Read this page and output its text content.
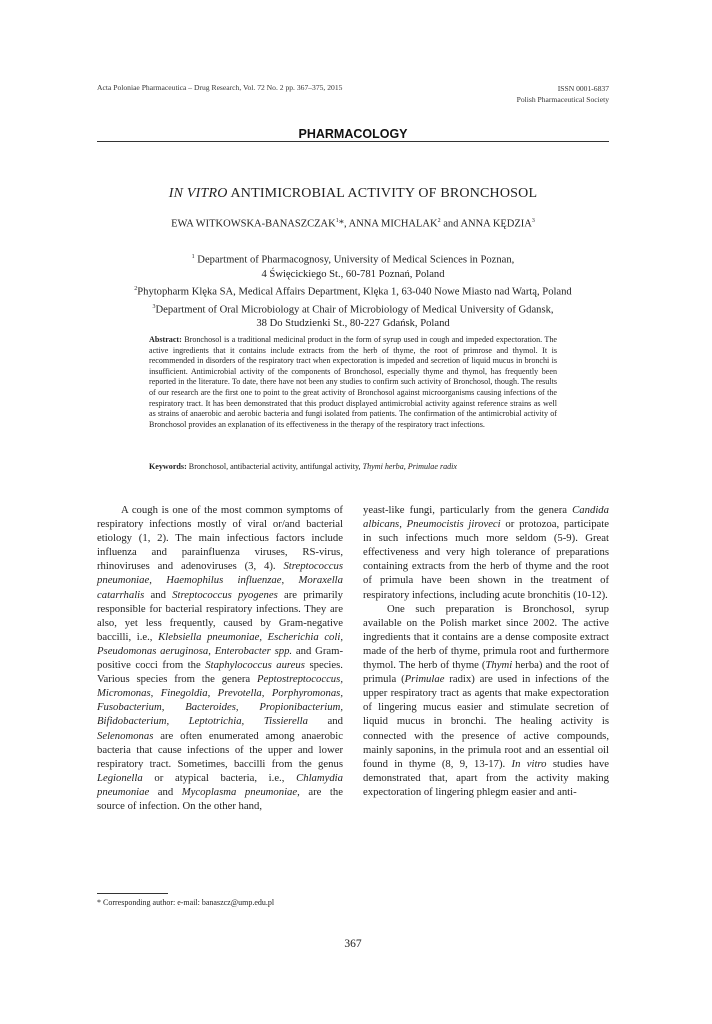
Acta Poloniae Pharmaceutica – Drug Research, Vol. 72 No. 2 pp. 367–375, 2015	ISSN 0001-6837
Polish Pharmaceutical Society
PHARMACOLOGY
IN VITRO ANTIMICROBIAL ACTIVITY OF BRONCHOSOL
EWA WITKOWSKA-BANASZCZAK$^1$*, ANNA MICHALAK$^2$ and ANNA KĘDZIA$^3$
$^1$ Department of Pharmacognosy, University of Medical Sciences in Poznan,
4 Święcickiego St., 60-781 Poznań, Poland
$^2$Phytopharm Klęka SA, Medical Affairs Department, Klęka 1, 63-040 Nowe Miasto nad Wartą, Poland
$^3$Department of Oral Microbiology at Chair of Microbiology of Medical University of Gdansk,
38 Do Studzienki St., 80-227 Gdańsk, Poland
Abstract: Bronchosol is a traditional medicinal product in the form of syrup used in cough and impeded expectoration. The active ingredients that it contains include extracts from the herb of thyme, the root of primrose and thymol. It is recommended in disorders of the respiratory tract when expectoration is impeded and secretion of liquid mucus in bronchi is insufficient. Antimicrobial activity of the components of Bronchosol, especially thyme and thymol, has frequently been reported in the literature. To date, there have not been any studies to confirm such activity of Bronchosol, though. The results of our research are the first one to point to the great activity of Bronchosol against microorganisms causing infections of the respiratory tract. It has been demonstrated that this product displayed antimicrobial activity against reference strains as well as strains of anaerobic and aerobic bacteria and fungi isolated from patients. The confirmation of the antimicrobial activity of Bronchosol provides an explanation of its effectiveness in the therapy of the respiratory tract infections.
Keywords: Bronchosol, antibacterial activity, antifungal activity, Thymi herba, Primulae radix

A cough is one of the most common symptoms of respiratory infections mostly of viral or/and bacterial etiology (1, 2). The main infectious factors include influenza and parainfluenza viruses, RS-virus, rhinoviruses and adenoviruses (3, 4). Streptococcus pneumoniae, Haemophilus influenzae, Moraxella catarrhalis and Streptococcus pyogenes are primarily responsible for bacterial respiratory infections. They are also, yet less frequently, caused by Gram-negative baccilli, i.e., Klebsiella pneumoniae, Escherichia coli, Pseudomonas aeruginosa, Enterobacter spp. and Gram-positive cocci from the Staphylococcus aureus species. Various species from the genera Peptostreptococcus, Micromonas, Finegoldia, Prevotella, Porphyromonas, Fusobacterium, Bacteroides, Propionibacterium, Bifidobacterium, Leptotrichia, Tissierella and Selenomonas are often enumerated among anaerobic bacteria that cause infections of the upper and lower respiratory tract. Sometimes, baccilli from the genus Legionella or atypical bacteria, i.e., Chlamydia pneumoniae and Mycoplasma pneumoniae, are the source of infection. On the other hand,

yeast-like fungi, particularly from the genera Candida albicans, Pneumocistis jiroveci or protozoa, participate in such infections much more seldom (5-9). Great effectiveness and very high tolerance of preparations containing extracts from the herb of thyme and the root of primula have been shown in the treatment of respiratory infections, including acute bronchitis (10-12).

One such preparation is Bronchosol, syrup available on the Polish market since 2002. The active ingredients that it contains are a dense composite extract made of the herb of thyme, primula root and furthermore thymol. The herb of thyme (Thymi herba) and the root of primula (Primulae radix) are used in infections of the upper respiratory tract as agents that make expectoration of lingering mucus easier and stimulate secretion of liquid mucus in bronchi. The healing activity is connected with the presence of active compounds, mainly saponins, in the primula root and an essential oil found in thyme (8, 9, 13-17). In vitro studies have demonstrated that, apart from the activity making expectoration of lingering phlegm easier and anti-

* Corresponding author: e-mail: banaszcz@ump.edu.pl
367
